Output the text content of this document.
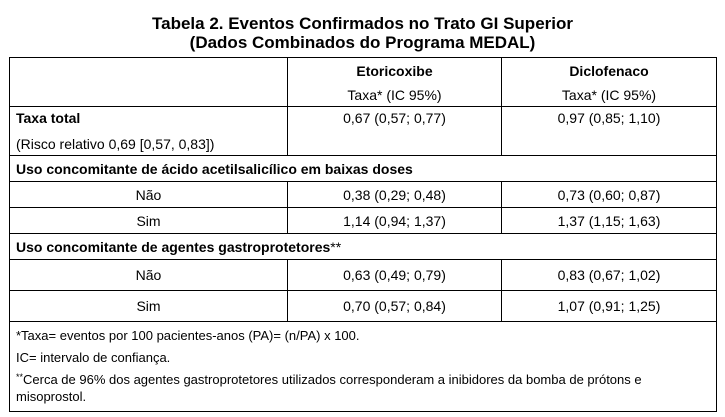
Tabela 2. Eventos Confirmados no Trato GI Superior
(Dados Combinados do Programa MEDAL)
	Etoricoxibe	Diclofenaco
	Taxa* (IC 95%)	Taxa* (IC 95%)
Taxa total	0,67 (0,57; 0,77)	0,97 (0,85; 1,10)
(Risco relativo 0,69 [0,57, 0,83])		
Uso concomitante de ácido acetilsalicílico em baixas doses		
Não	0,38 (0,29; 0,48)	0,73 (0,60; 0,87)
Sim	1,14 (0,94; 1,37)	1,37 (1,15; 1,63)
Uso concomitante de agentes gastroprotetores**		
Não	0,63 (0,49; 0,79)	0,83 (0,67; 1,02)
Sim	0,70 (0,57; 0,84)	1,07 (0,91; 1,25)

*Taxa= eventos por 100 pacientes-anos (PA)= (n/PA) x 100.
IC= intervalo de confiança.
**Cerca de 96% dos agentes gastroprotetores utilizados corresponderam a inibidores da bomba de prótons e misoprostol.		
